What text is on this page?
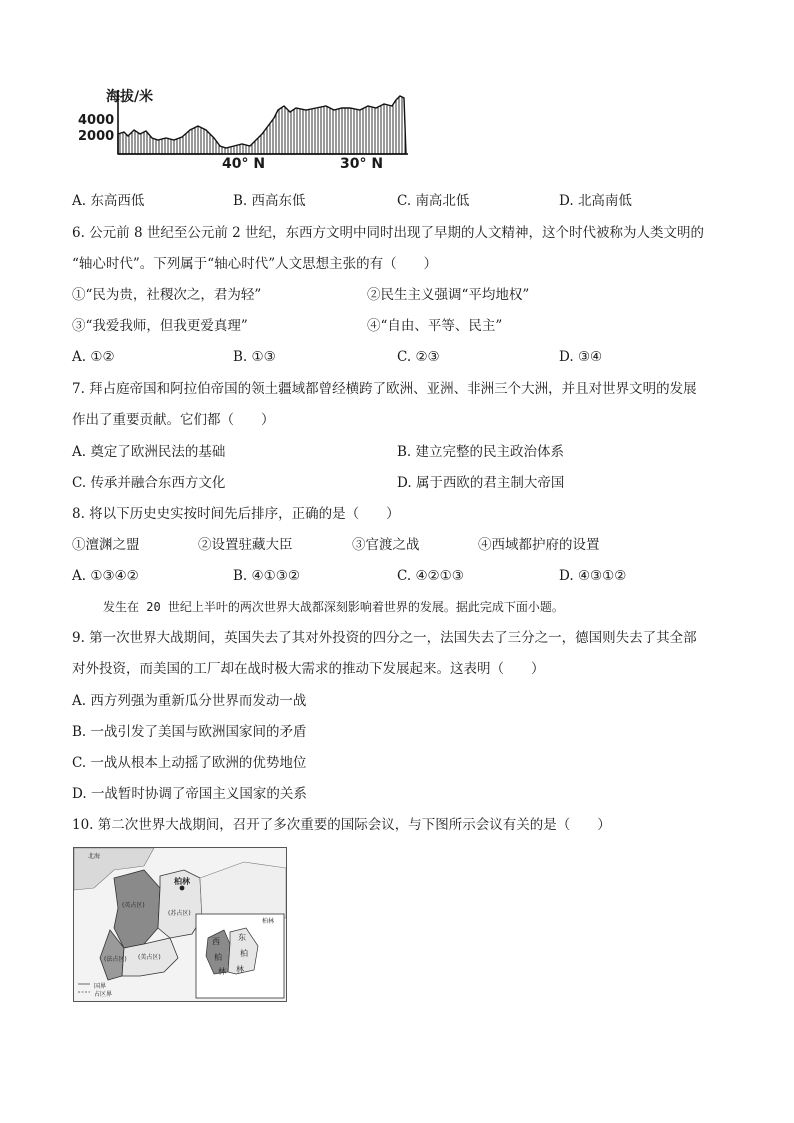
海拔/米
4000
2000
40° N	30° N
A. 东高西低	B. 西高东低	C. 南高北低	D. 北高南低
6. 公元前 8 世纪至公元前 2 世纪，东西方文明中同时出现了早期的人文精神，这个时代被称为人类文明的
“轴心时代”。下列属于“轴心时代”人文思想主张的有（　　）
①“民为贵，社稷次之，君为轻”	②民生主义强调“平均地权”
③“我爱我师，但我更爱真理”	④“自由、平等、民主”
A. ①②	B. ①③	C. ②③	D. ③④
7. 拜占庭帝国和阿拉伯帝国的领土疆域都曾经横跨了欧洲、亚洲、非洲三个大洲，并且对世界文明的发展
作出了重要贡献。它们都（　　）
A. 奠定了欧洲民法的基础	B. 建立完整的民主政治体系
C. 传承并融合东西方文化	D. 属于西欧的君主制大帝国
8. 将以下历史史实按时间先后排序，正确的是（　　）
①澶渊之盟	②设置驻藏大臣	③官渡之战	④西域都护府的设置
A. ①③④②	B. ④①③②	C. ④②①③	D. ④③①②
发生在 20 世纪上半叶的两次世界大战都深刻影响着世界的发展。据此完成下面小题。
9. 第一次世界大战期间，英国失去了其对外投资的四分之一，法国失去了三分之一，德国则失去了其全部
对外投资，而美国的工厂却在战时极大需求的推动下发展起来。这表明（　　）
A. 西方列强为重新瓜分世界而发动一战
B. 一战引发了美国与欧洲国家间的矛盾
C. 一战从根本上动摇了欧洲的优势地位
D. 一战暂时协调了帝国主义国家的关系
10. 第二次世界大战期间，召开了多次重要的国际会议，与下图所示会议有关的是（　　）
北海
柏林
(英占区)
(苏占区)
(法占区) (美占区)
柏林
西 东
柏 柏
林 林
国界
占区界
